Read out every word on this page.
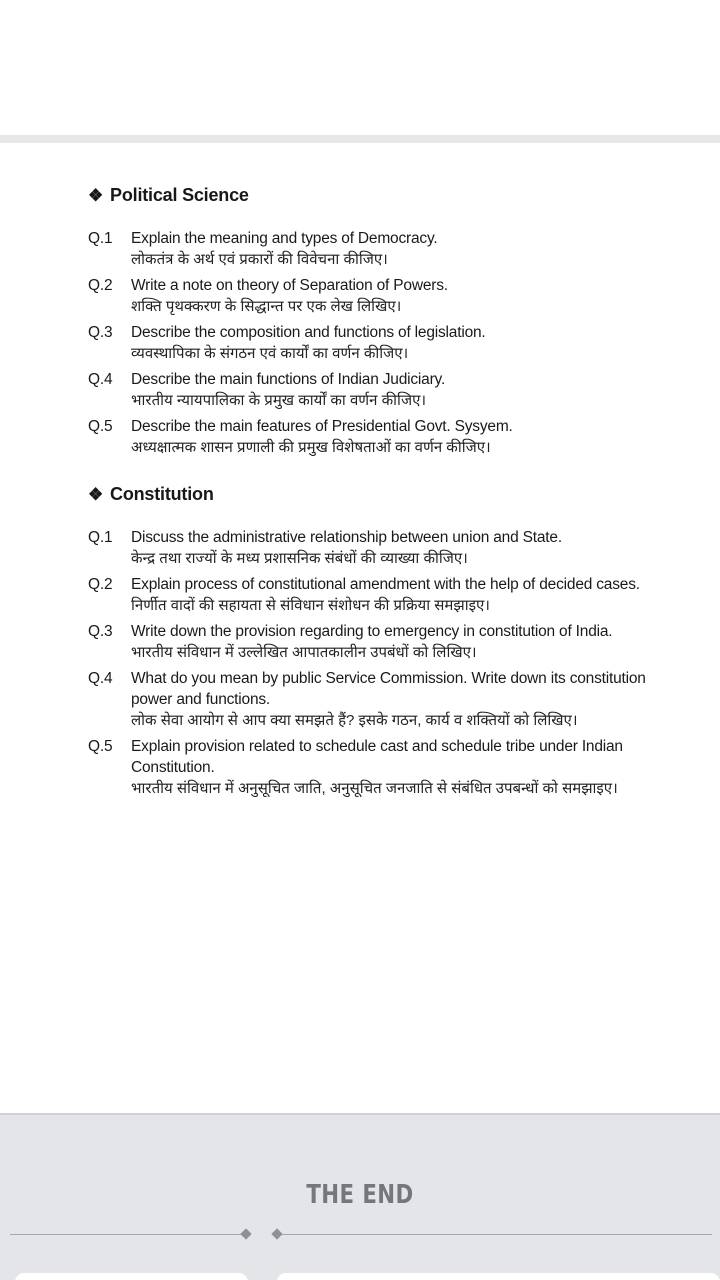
❖ Political Science
Q.1	Explain the meaning and types of Democracy.
लोकतंत्र के अर्थ एवं प्रकारों की विवेचना कीजिए।
Q.2	Write a note on theory of Separation of Powers.
शक्ति पृथक्करण के सिद्धान्त पर एक लेख लिखिए।
Q.3	Describe the composition and functions of legislation.
व्यवस्थापिका के संगठन एवं कार्यों का वर्णन कीजिए।
Q.4	Describe the main functions of Indian Judiciary.
भारतीय न्यायपालिका के प्रमुख कार्यों का वर्णन कीजिए।
Q.5	Describe the main features of Presidential Govt. Sysyem.
अध्यक्षात्मक शासन प्रणाली की प्रमुख विशेषताओं का वर्णन कीजिए।
❖ Constitution
Q.1	Discuss the administrative relationship between union and State.
केन्द्र तथा राज्यों के मध्य प्रशासनिक संबंधों की व्याख्या कीजिए।
Q.2	Explain process of constitutional amendment with the help of decided cases.
निर्णीत वादों की सहायता से संविधान संशोधन की प्रक्रिया समझाइए।
Q.3	Write down the provision regarding to emergency in constitution of India.
भारतीय संविधान में उल्लेखित आपातकालीन उपबंधों को लिखिए।
Q.4	What do you mean by public Service Commission. Write down its constitution power and functions.
लोक सेवा आयोग से आप क्या समझते हैं? इसके गठन, कार्य व शक्तियों को लिखिए।
Q.5	Explain provision related to schedule cast and schedule tribe under Indian Constitution.
भारतीय संविधान में अनुसूचित जाति, अनुसूचित जनजाति से संबंधित उपबन्धों को समझाइए।
THE END
